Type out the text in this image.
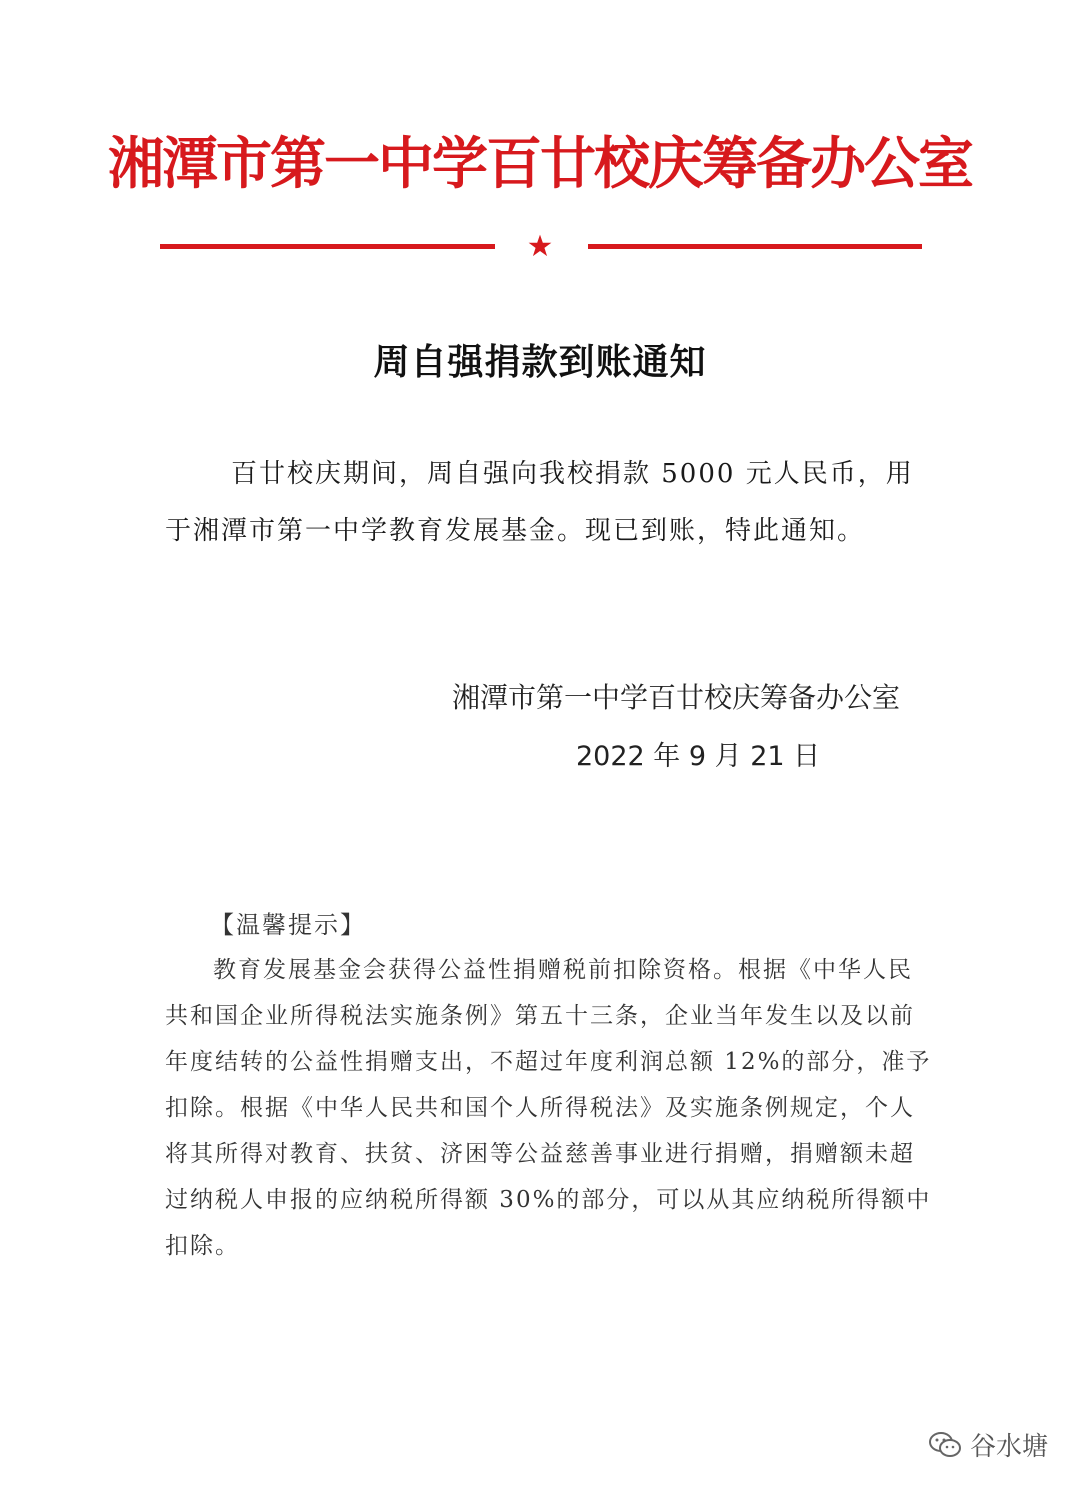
湘潭市第一中学百廿校庆筹备办公室
周自强捐款到账通知
百廿校庆期间，周自强向我校捐款 5000 元人民币，用
于湘潭市第一中学教育发展基金。现已到账，特此通知。
湘潭市第一中学百廿校庆筹备办公室
2022 年 9 月 21 日
【温馨提示】
教育发展基金会获得公益性捐赠税前扣除资格。根据《中华人民
共和国企业所得税法实施条例》第五十三条，企业当年发生以及以前
年度结转的公益性捐赠支出，不超过年度利润总额 12%的部分，准予
扣除。根据《中华人民共和国个人所得税法》及实施条例规定，个人
将其所得对教育、扶贫、济困等公益慈善事业进行捐赠，捐赠额未超
过纳税人申报的应纳税所得额 30%的部分，可以从其应纳税所得额中
扣除。
谷水塘
